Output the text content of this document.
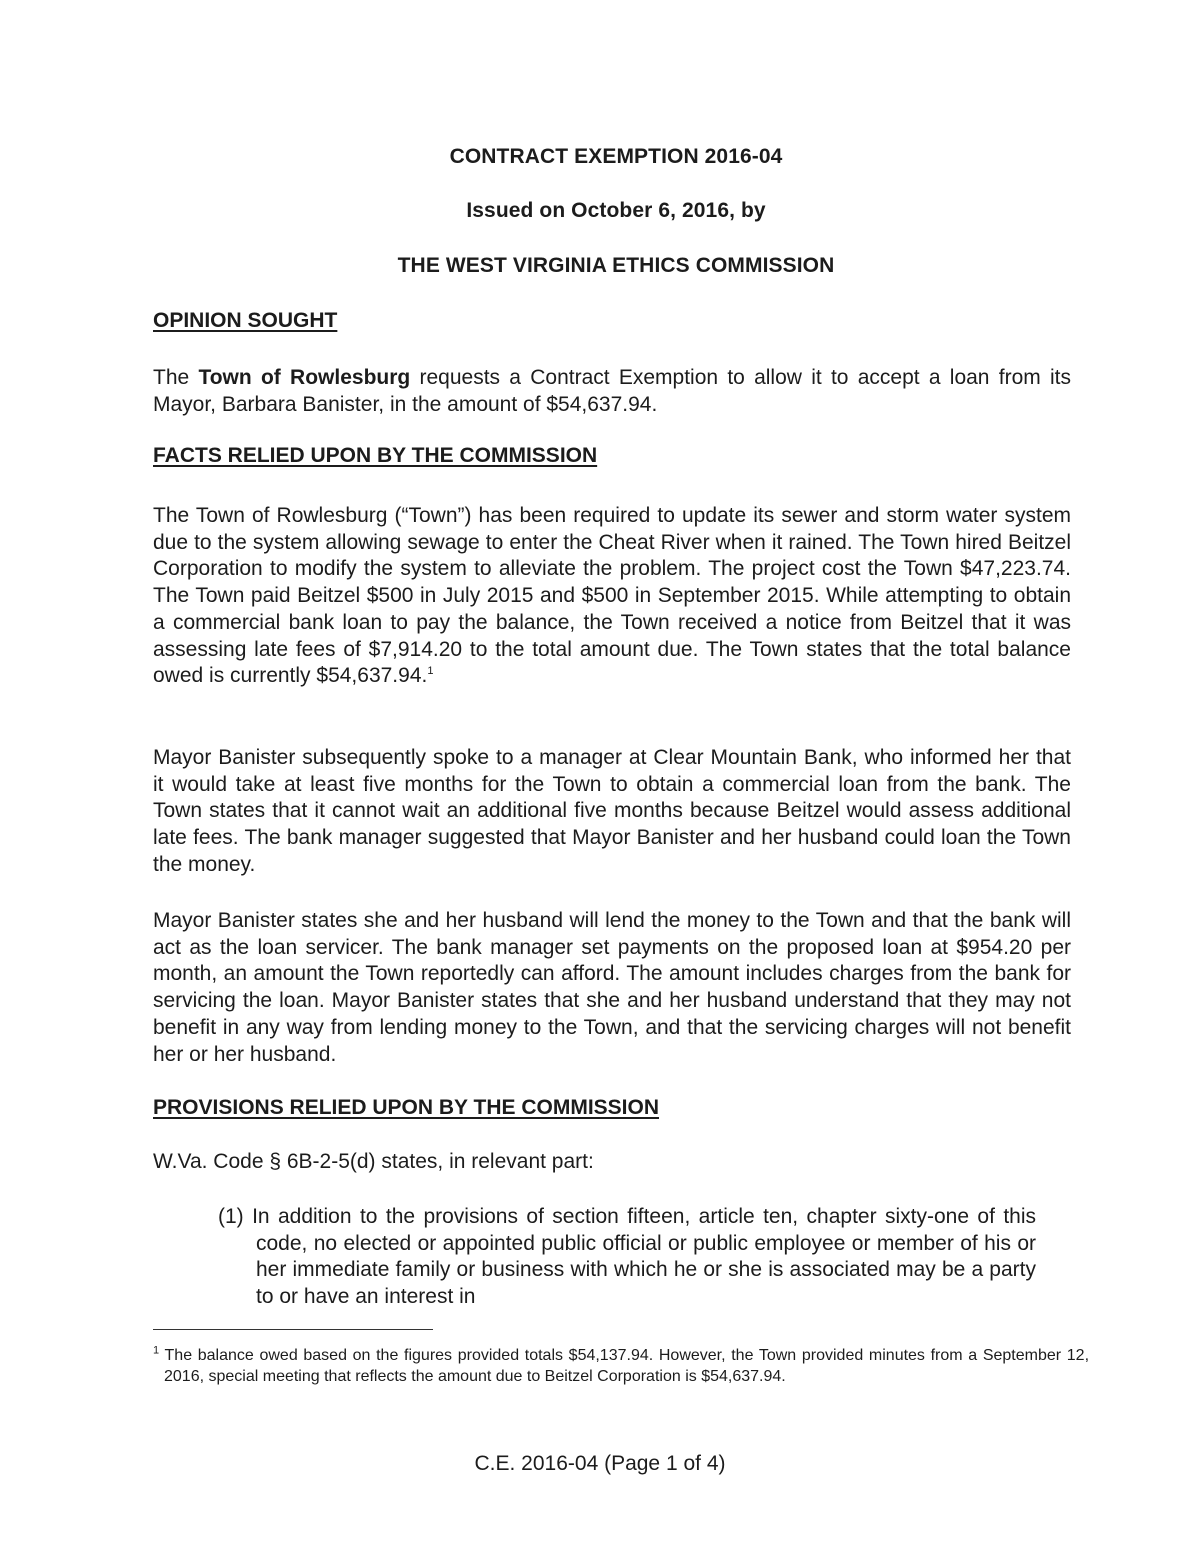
CONTRACT EXEMPTION 2016-04
Issued on October 6, 2016, by
THE WEST VIRGINIA ETHICS COMMISSION
OPINION SOUGHT

The Town of Rowlesburg requests a Contract Exemption to allow it to accept a loan from its Mayor, Barbara Banister, in the amount of $54,637.94.

FACTS RELIED UPON BY THE COMMISSION

The Town of Rowlesburg (“Town”) has been required to update its sewer and storm water system due to the system allowing sewage to enter the Cheat River when it rained. The Town hired Beitzel Corporation to modify the system to alleviate the problem. The project cost the Town $47,223.74. The Town paid Beitzel $500 in July 2015 and $500 in September 2015. While attempting to obtain a commercial bank loan to pay the balance, the Town received a notice from Beitzel that it was assessing late fees of $7,914.20 to the total amount due. The Town states that the total balance owed is currently $54,637.94.$^1$

Mayor Banister subsequently spoke to a manager at Clear Mountain Bank, who informed her that it would take at least five months for the Town to obtain a commercial loan from the bank. The Town states that it cannot wait an additional five months because Beitzel would assess additional late fees. The bank manager suggested that Mayor Banister and her husband could loan the Town the money.

Mayor Banister states she and her husband will lend the money to the Town and that the bank will act as the loan servicer. The bank manager set payments on the proposed loan at $954.20 per month, an amount the Town reportedly can afford. The amount includes charges from the bank for servicing the loan. Mayor Banister states that she and her husband understand that they may not benefit in any way from lending money to the Town, and that the servicing charges will not benefit her or her husband.

PROVISIONS RELIED UPON BY THE COMMISSION

W.Va. Code § 6B-2-5(d) states, in relevant part:

(1) In addition to the provisions of section fifteen, article ten, chapter sixty-one of this code, no elected or appointed public official or public employee or member of his or her immediate family or business with which he or she is associated may be a party to or have an interest in

$^1$ The balance owed based on the figures provided totals $54,137.94. However, the Town provided minutes from a September 12, 2016, special meeting that reflects the amount due to Beitzel Corporation is $54,637.94.

C.E. 2016-04 (Page 1 of 4)
